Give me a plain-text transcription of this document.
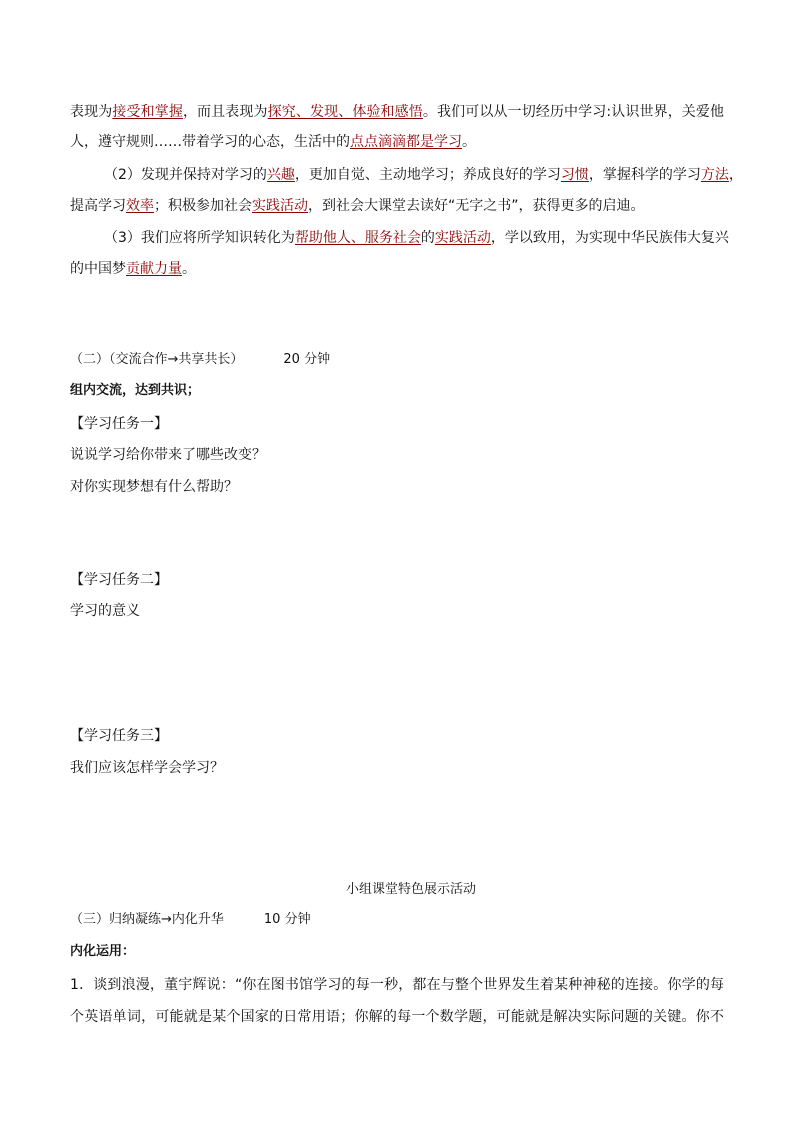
表现为接受和掌握，而且表现为探究、发现、体验和感悟。我们可以从一切经历中学习:认识世界，关爱他
人，遵守规则……带着学习的心态，生活中的点点滴滴都是学习。
（2）发现并保持对学习的兴趣，更加自觉、主动地学习；养成良好的学习习惯，掌握科学的学习方法，
提高学习效率；积极参加社会实践活动，到社会大课堂去读好“无字之书”，获得更多的启迪。
（3）我们应将所学知识转化为帮助他人、服务社会的实践活动，学以致用，为实现中华民族伟大复兴
的中国梦贡献力量。
（二）（交流合作→共享共长）	20 分钟
组内交流，达到共识；
【学习任务一】
说说学习给你带来了哪些改变？
对你实现梦想有什么帮助？
【学习任务二】
学习的意义
【学习任务三】
我们应该怎样学会学习？
小组课堂特色展示活动
（三）归纳凝练→内化升华	10 分钟
内化运用：
1．谈到浪漫，董宇辉说：“你在图书馆学习的每一秒，都在与整个世界发生着某种神秘的连接。你学的每
个英语单词，可能就是某个国家的日常用语；你解的每一个数学题，可能就是解决实际问题的关键。你不
